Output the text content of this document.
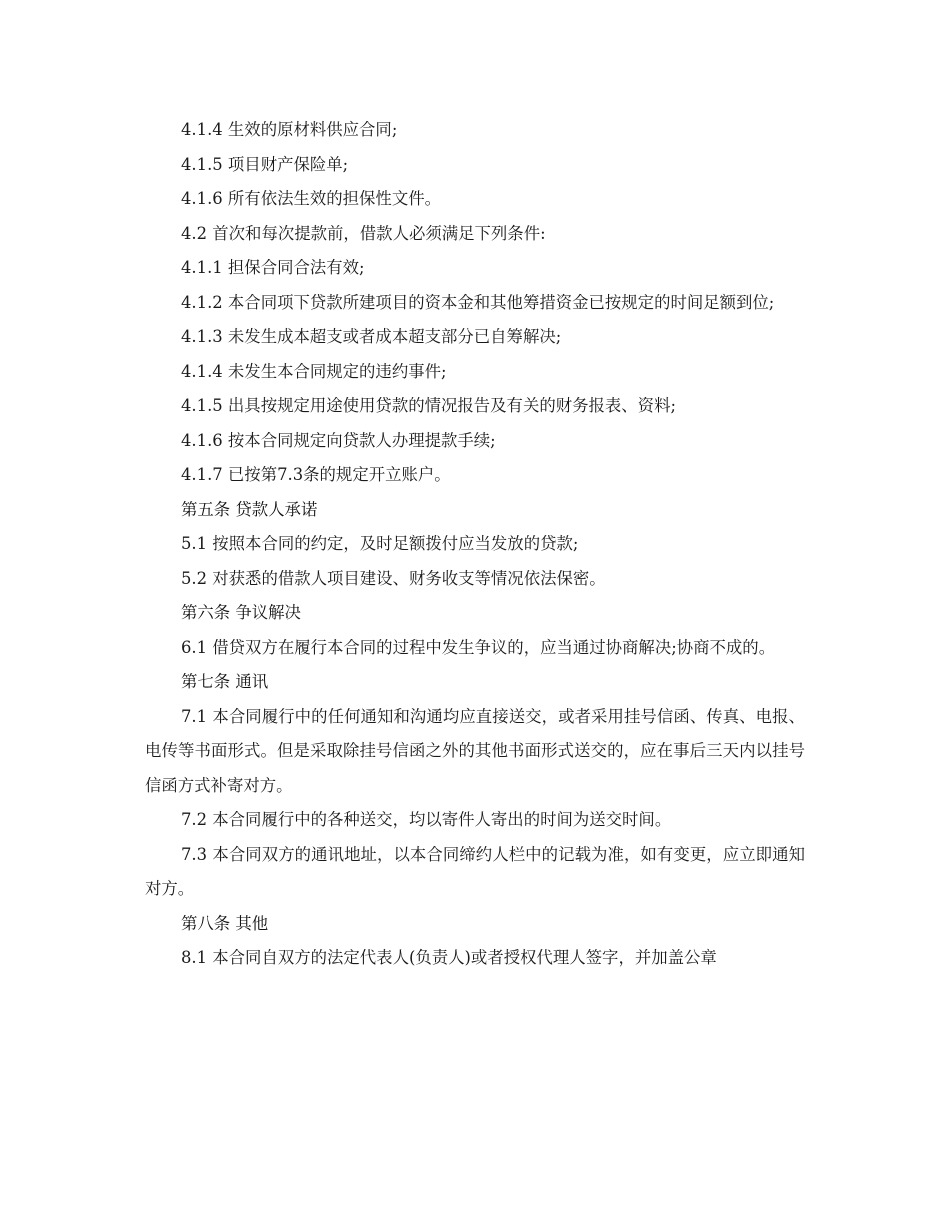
4.1.4 生效的原材料供应合同;

4.1.5 项目财产保险单;

4.1.6 所有依法生效的担保性文件。

4.2 首次和每次提款前，借款人必须满足下列条件:

4.1.1 担保合同合法有效;

4.1.2 本合同项下贷款所建项目的资本金和其他筹措资金已按规定的时间足额到位;

4.1.3 未发生成本超支或者成本超支部分已自筹解决;

4.1.4 未发生本合同规定的违约事件;

4.1.5 出具按规定用途使用贷款的情况报告及有关的财务报表、资料;

4.1.6 按本合同规定向贷款人办理提款手续;

4.1.7 已按第7.3条的规定开立账户。

第五条 贷款人承诺

5.1 按照本合同的约定，及时足额拨付应当发放的贷款;

5.2 对获悉的借款人项目建设、财务收支等情况依法保密。

第六条 争议解决

6.1 借贷双方在履行本合同的过程中发生争议的，应当通过协商解决;协商不成的。

第七条 通讯

7.1 本合同履行中的任何通知和沟通均应直接送交，或者采用挂号信函、传真、电报、电传等书面形式。但是采取除挂号信函之外的其他书面形式送交的，应在事后三天内以挂号信函方式补寄对方。

7.2 本合同履行中的各种送交，均以寄件人寄出的时间为送交时间。

7.3 本合同双方的通讯地址，以本合同缔约人栏中的记载为准，如有变更，应立即通知对方。

第八条 其他

8.1 本合同自双方的法定代表人(负责人)或者授权代理人签字，并加盖公章
